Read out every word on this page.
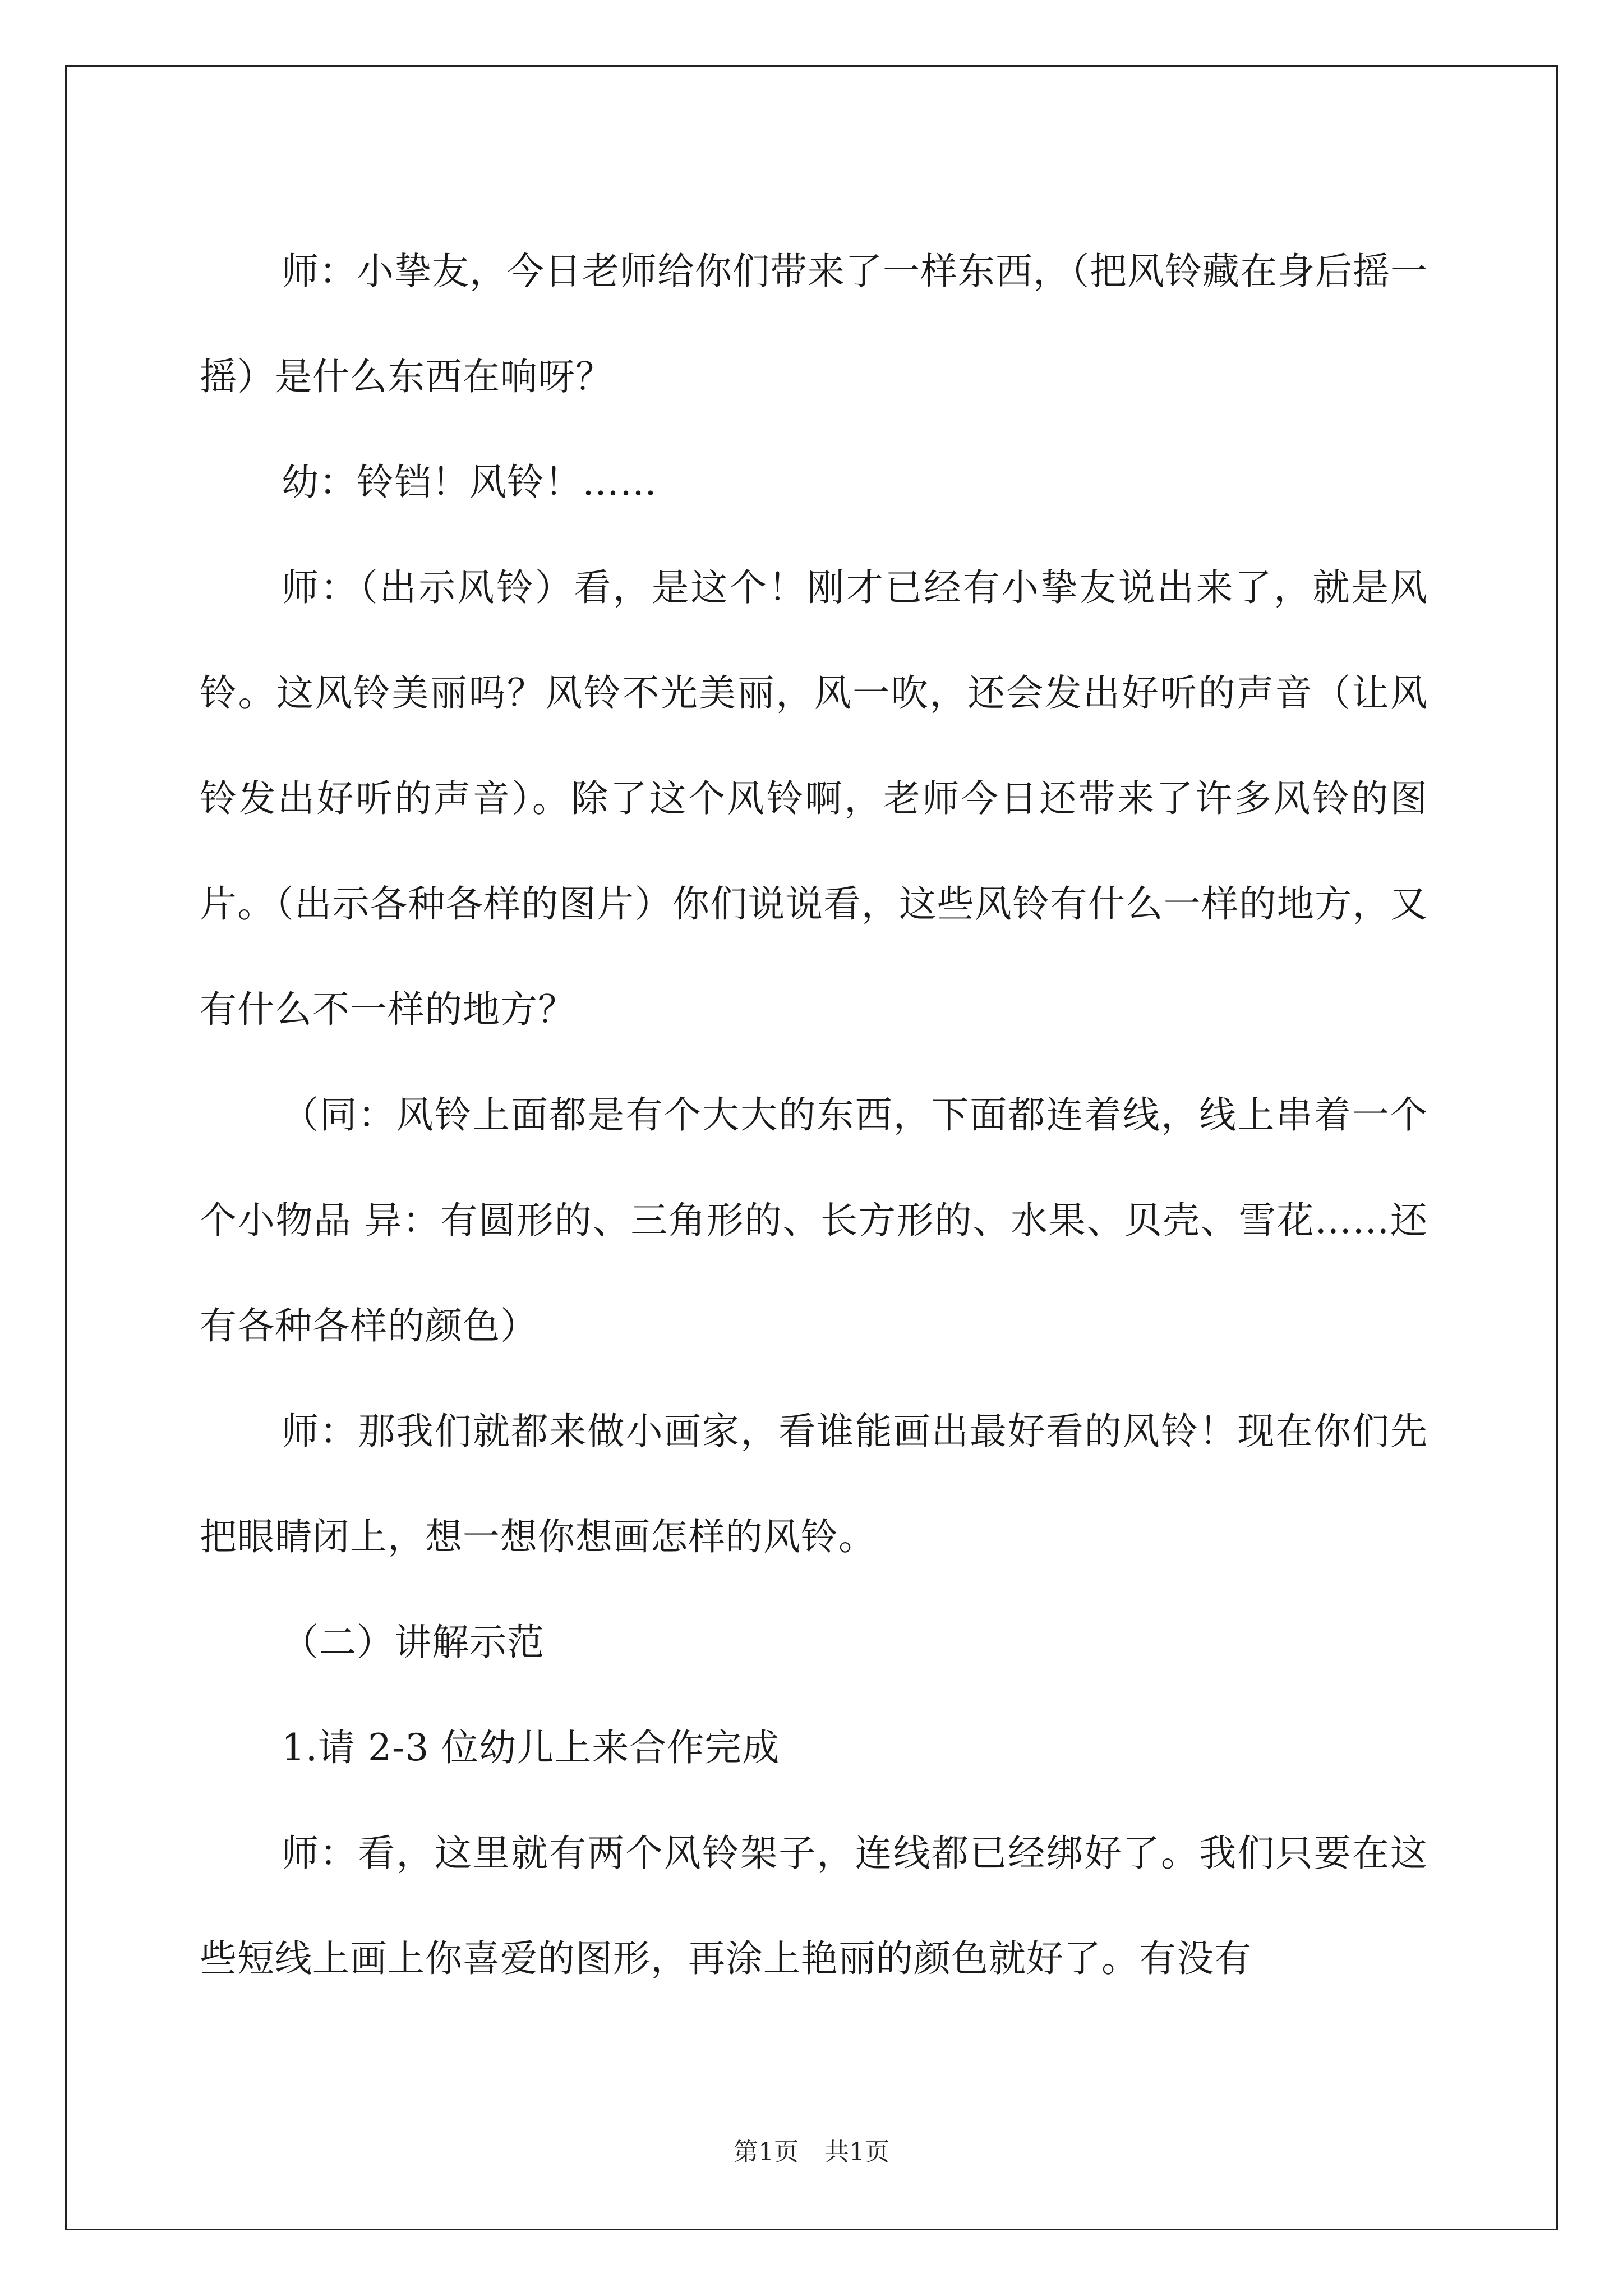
师：小挚友，今日老师给你们带来了一样东西，（把风铃藏在身后摇一摇）是什么东西在响呀？

幼：铃铛！风铃！……

师：（出示风铃）看，是这个！刚才已经有小挚友说出来了，就是风铃。这风铃美丽吗？风铃不光美丽，风一吹，还会发出好听的声音（让风铃发出好听的声音）。除了这个风铃啊，老师今日还带来了许多风铃的图片。（出示各种各样的图片）你们说说看，这些风铃有什么一样的地方，又有什么不一样的地方？

（同：风铃上面都是有个大大的东西，下面都连着线，线上串着一个个小物品 异：有圆形的、三角形的、长方形的、水果、贝壳、雪花……还有各种各样的颜色）

师：那我们就都来做小画家，看谁能画出最好看的风铃！现在你们先把眼睛闭上，想一想你想画怎样的风铃。

（二）讲解示范

1.请 2-3 位幼儿上来合作完成

师：看，这里就有两个风铃架子，连线都已经绑好了。我们只要在这些短线上画上你喜爱的图形，再涂上艳丽的颜色就好了。有没有

第1页 共1页
